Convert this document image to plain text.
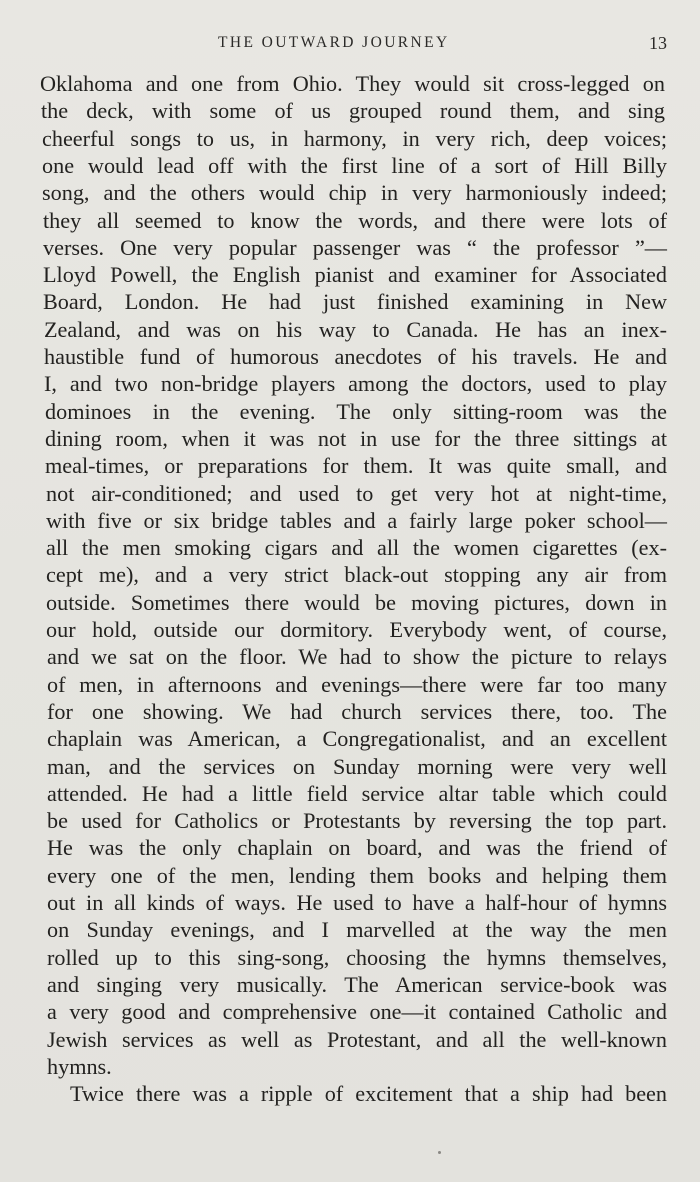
THE OUTWARD JOURNEY	13
Oklahoma and one from Ohio. They would sit cross-legged on
the deck, with some of us grouped round them, and sing
cheerful songs to us, in harmony, in very rich, deep voices;
one would lead off with the first line of a sort of Hill Billy
song, and the others would chip in very harmoniously indeed;
they all seemed to know the words, and there were lots of
verses. One very popular passenger was “ the professor ”—
Lloyd Powell, the English pianist and examiner for Associated
Board, London. He had just finished examining in New
Zealand, and was on his way to Canada. He has an inex-
haustible fund of humorous anecdotes of his travels. He and
I, and two non-bridge players among the doctors, used to play
dominoes in the evening. The only sitting-room was the
dining room, when it was not in use for the three sittings at
meal-times, or preparations for them. It was quite small, and
not air-conditioned; and used to get very hot at night-time,
with five or six bridge tables and a fairly large poker school—
all the men smoking cigars and all the women cigarettes (ex-
cept me), and a very strict black-out stopping any air from
outside. Sometimes there would be moving pictures, down in
our hold, outside our dormitory. Everybody went, of course,
and we sat on the floor. We had to show the picture to relays
of men, in afternoons and evenings—there were far too many
for one showing. We had church services there, too. The
chaplain was American, a Congregationalist, and an excellent
man, and the services on Sunday morning were very well
attended. He had a little field service altar table which could
be used for Catholics or Protestants by reversing the top part.
He was the only chaplain on board, and was the friend of
every one of the men, lending them books and helping them
out in all kinds of ways. He used to have a half-hour of hymns
on Sunday evenings, and I marvelled at the way the men
rolled up to this sing-song, choosing the hymns themselves,
and singing very musically. The American service-book was
a very good and comprehensive one—it contained Catholic and
Jewish services as well as Protestant, and all the well-known
hymns.
Twice there was a ripple of excitement that a ship had been
